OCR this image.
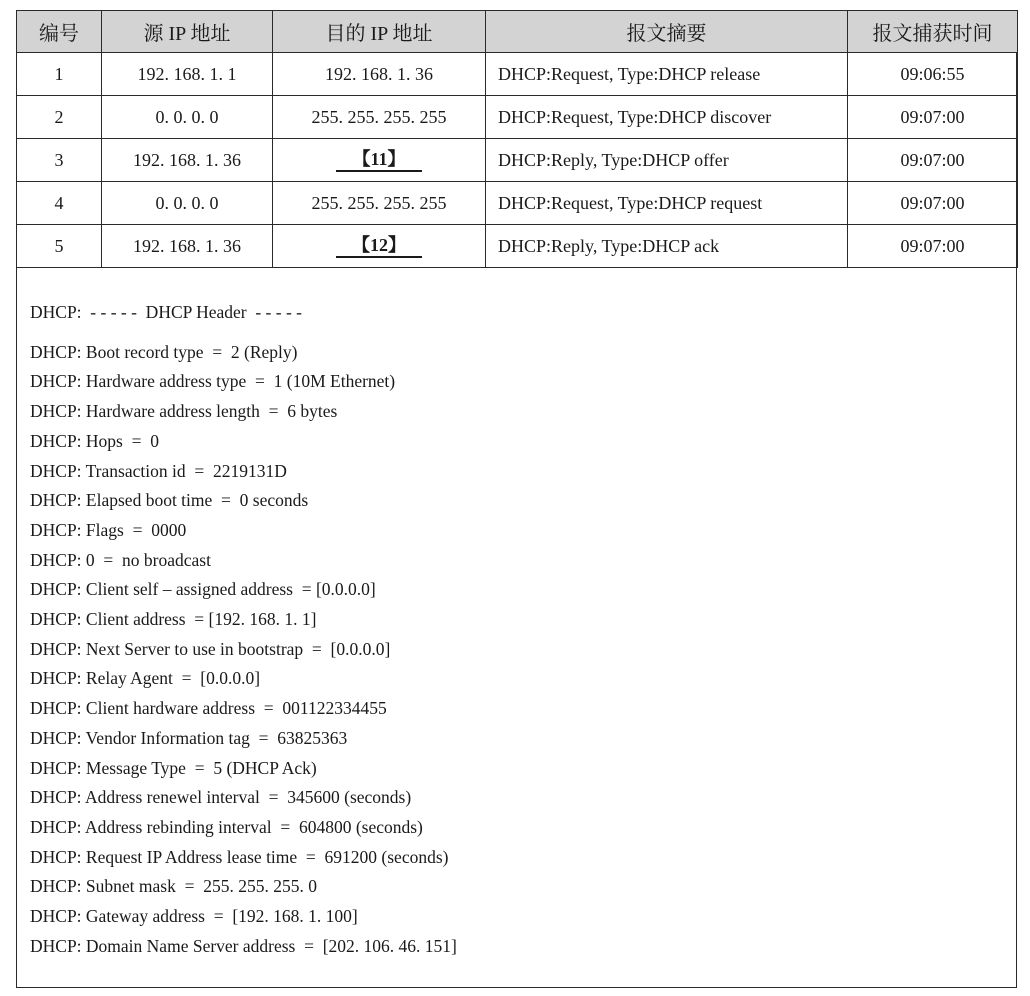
编号	源 IP 地址	目的 IP 地址	报文摘要	报文捕获时间
1	192. 168. 1. 1	192. 168. 1. 36	DHCP:Request, Type:DHCP release	09:06:55
2	0. 0. 0. 0	255. 255. 255. 255	DHCP:Request, Type:DHCP discover	09:07:00
3	192. 168. 1. 36	【11】	DHCP:Reply, Type:DHCP offer	09:07:00
4	0. 0. 0. 0	255. 255. 255. 255	DHCP:Request, Type:DHCP request	09:07:00
5	192. 168. 1. 36	【12】	DHCP:Reply, Type:DHCP ack	09:07:00
DHCP:  - - - - -  DHCP Header  - - - - -
DHCP: Boot record type  =  2 (Reply)
DHCP: Hardware address type  =  1 (10M Ethernet)
DHCP: Hardware address length  =  6 bytes
DHCP: Hops  =  0
DHCP: Transaction id  =  2219131D
DHCP: Elapsed boot time  =  0 seconds
DHCP: Flags  =  0000
DHCP: 0  =  no broadcast
DHCP: Client self – assigned address  = [0.0.0.0]
DHCP: Client address  = [192. 168. 1. 1]
DHCP: Next Server to use in bootstrap  =  [0.0.0.0]
DHCP: Relay Agent  =  [0.0.0.0]
DHCP: Client hardware address  =  001122334455
DHCP: Vendor Information tag  =  63825363
DHCP: Message Type  =  5 (DHCP Ack)
DHCP: Address renewel interval  =  345600 (seconds)
DHCP: Address rebinding interval  =  604800 (seconds)
DHCP: Request IP Address lease time  =  691200 (seconds)
DHCP: Subnet mask  =  255. 255. 255. 0
DHCP: Gateway address  =  [192. 168. 1. 100]
DHCP: Domain Name Server address  =  [202. 106. 46. 151]
